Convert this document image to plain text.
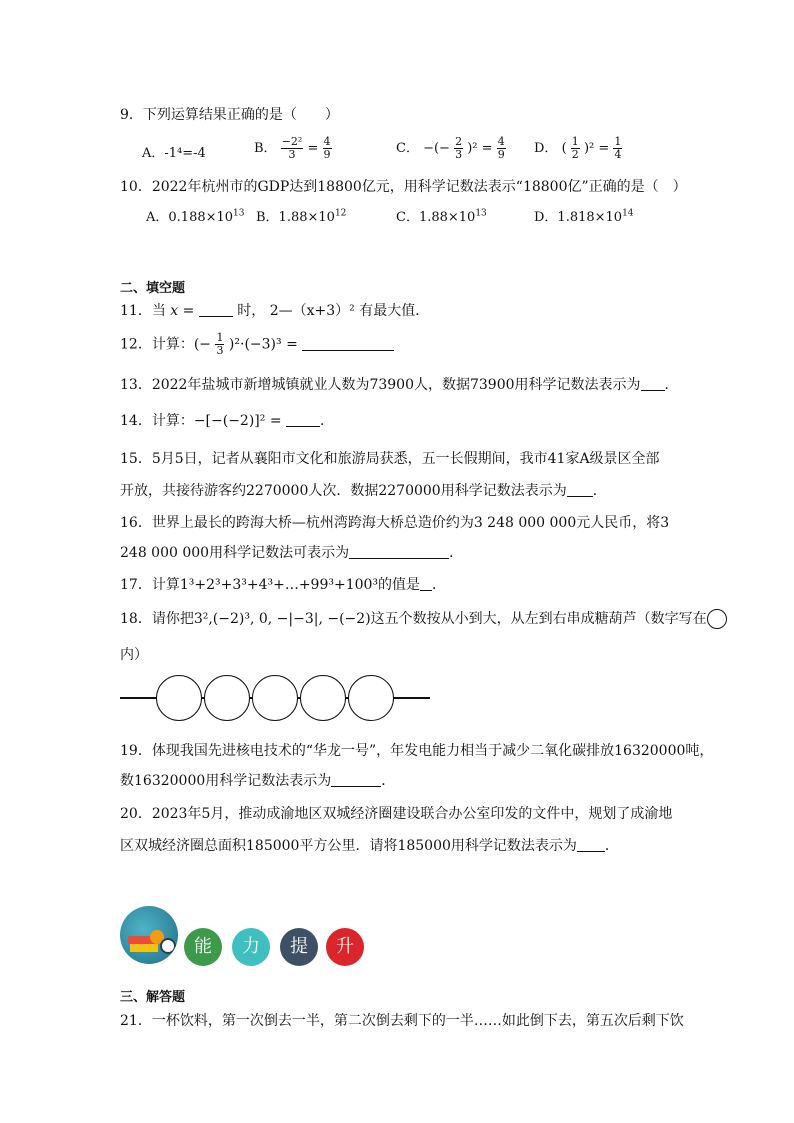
9．下列运算结果正确的是（　　）
A．-1⁴=-4	B． $\frac{\text{−2²}}{3} = \frac{4}{9}$	C． −(− $\frac{2}{3} )^2 = \frac{4}{9}$ D． ( $\frac{1}{2} )^2 = \frac{1}{4}$
10．2022年杭州市的GDP达到18800亿元，用科学记数法表示“18800亿”正确的是（　）
A．$0.188\times 10^{13}$ B．$1.88\times 10^{12}$	C．$1.88\times 10^{13}$	D．$1.818\times 10^{14}$
二、填空题
11．当 x =	时， 2—（x+3）² 有最大值．
12．计算：(− $\frac{1}{3} )^2\cdot(-3)^3$ =
13．2022年盐城市新增城镇就业人数为73900人，数据73900用科学记数法表示为 ．
14．计算：−[−(−2)]² =	．
15．5月5日，记者从襄阳市文化和旅游局获悉，五一长假期间，我市41家A级景区全部
开放，共接待游客约2270000人次．数据2270000用科学记数法表示为 ．
16．世界上最长的跨海大桥—杭州湾跨海大桥总造价约为3 248 000 000元人民币，将3
248 000 000用科学记数法可表示为	．
17．计算1³+2³+3³+4³+…+99³+100³的值是 ．
18．请你把3²,(−2)³, 0, −|−3|, −(−2)这五个数按从小到大，从左到右串成糖葫芦（数字写在
内）
19．体现我国先进核电技术的“华龙一号”，年发电能力相当于减少二氧化碳排放16320000吨，
数16320000用科学记数法表示为	．
20．2023年5月，推动成渝地区双城经济圈建设联合办公室印发的文件中，规划了成渝地
区双城经济圈总面积185000平方公里．请将185000用科学记数法表示为 ．
能	力	提	升
三、解答题
21．一杯饮料，第一次倒去一半，第二次倒去剩下的一半……如此倒下去，第五次后剩下饮
